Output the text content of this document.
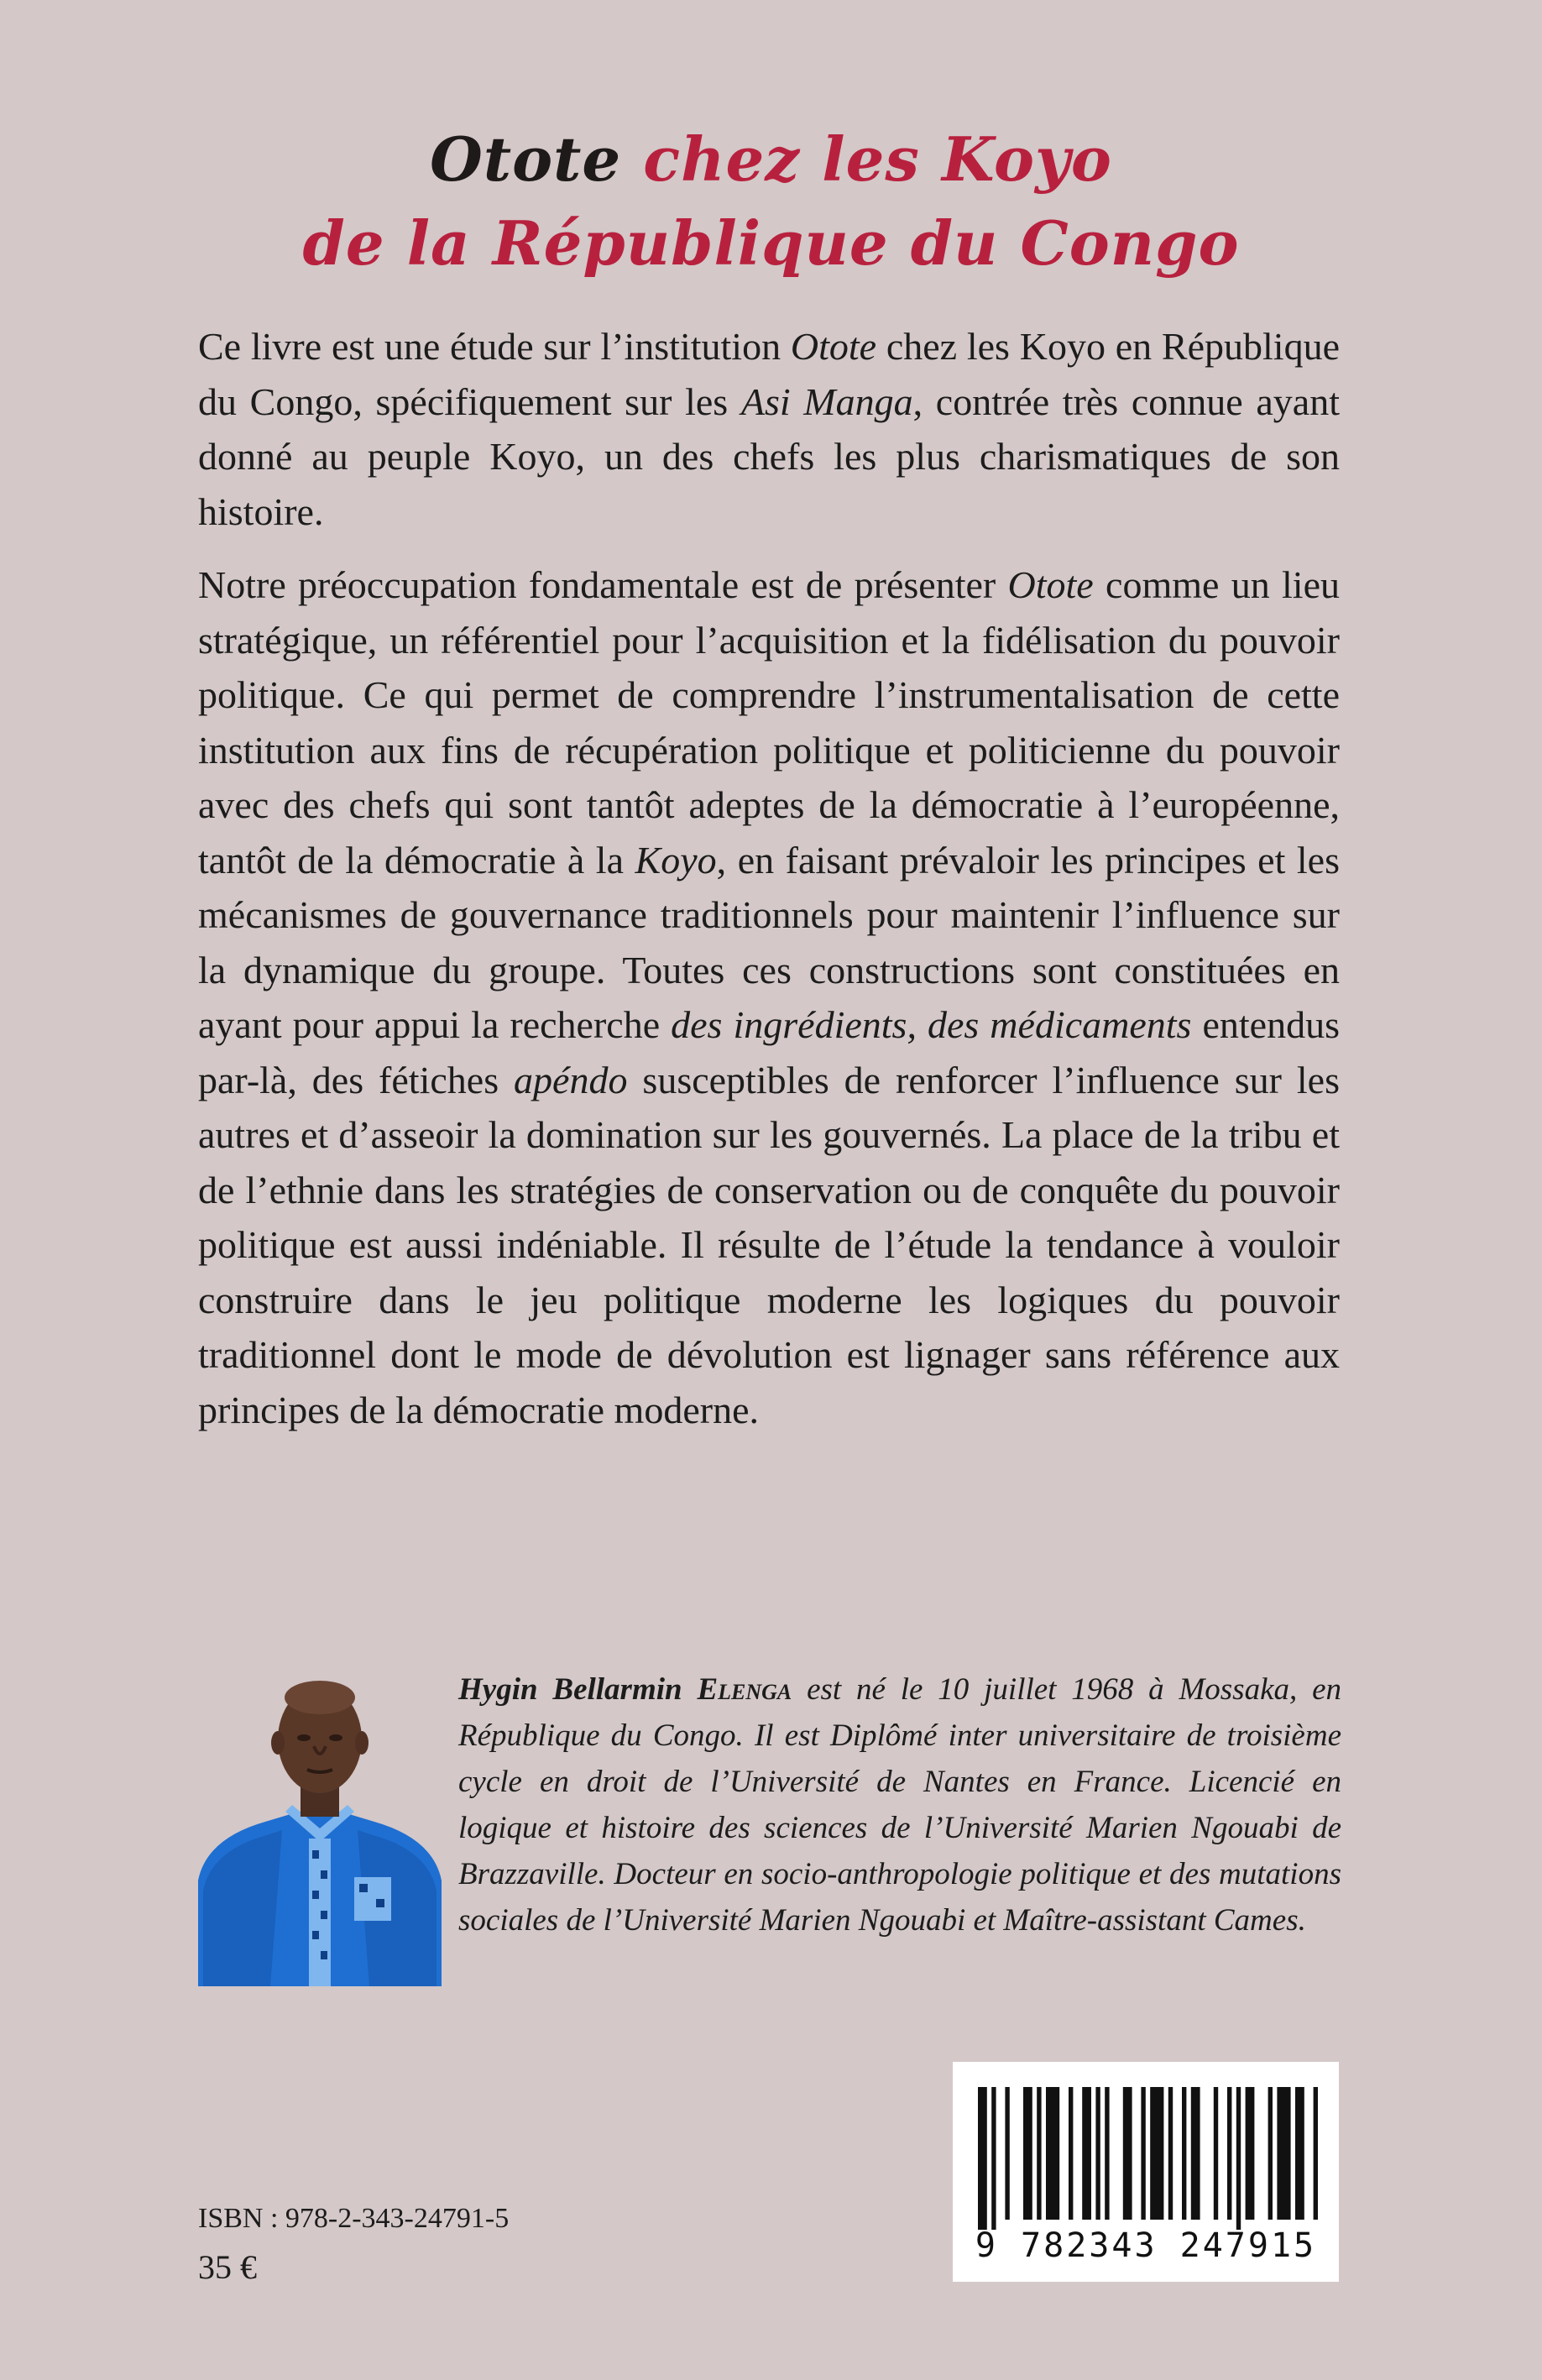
Otote chez les Koyo
de la République du Congo

Ce livre est une étude sur l’institution Otote chez les Koyo en République du Congo, spécifiquement sur les Asi Manga, contrée très connue ayant donné au peuple Koyo, un des chefs les plus charismatiques de son histoire.

Notre préoccupation fondamentale est de présenter Otote comme un lieu stratégique, un référentiel pour l’acquisition et la fidélisation du pouvoir politique. Ce qui permet de comprendre l’instrumentalisation de cette institution aux fins de récupération politique et politicienne du pouvoir avec des chefs qui sont tantôt adeptes de la démocratie à l’européenne, tantôt de la démocratie à la Koyo, en faisant prévaloir les principes et les mécanismes de gouvernance traditionnels pour maintenir l’influence sur la dynamique du groupe. Toutes ces constructions sont constituées en ayant pour appui la recherche des ingrédients, des médicaments entendus par-là, des fétiches apéndo susceptibles de renforcer l’influence sur les autres et d’asseoir la domination sur les gouvernés. La place de la tribu et de l’ethnie dans les stratégies de conservation ou de conquête du pouvoir politique est aussi indéniable. Il résulte de l’étude la tendance à vouloir construire dans le jeu politique moderne les logiques du pouvoir traditionnel dont le mode de dévolution est lignager sans référence aux principes de la démocratie moderne.

Hygin Bellarmin Elenga est né le 10 juillet 1968 à Mossaka, en République du Congo. Il est Diplômé inter universitaire de troisième cycle en droit de l’Université de Nantes en France. Licencié en logique et histoire des sciences de l’Université Marien Ngouabi de Brazzaville. Docteur en socio-anthropologie politique et des mutations sociales de l’Université Marien Ngouabi et Maître-assistant Cames.
ISBN : 978-2-343-24791-5
35 €
9 782343 247915
